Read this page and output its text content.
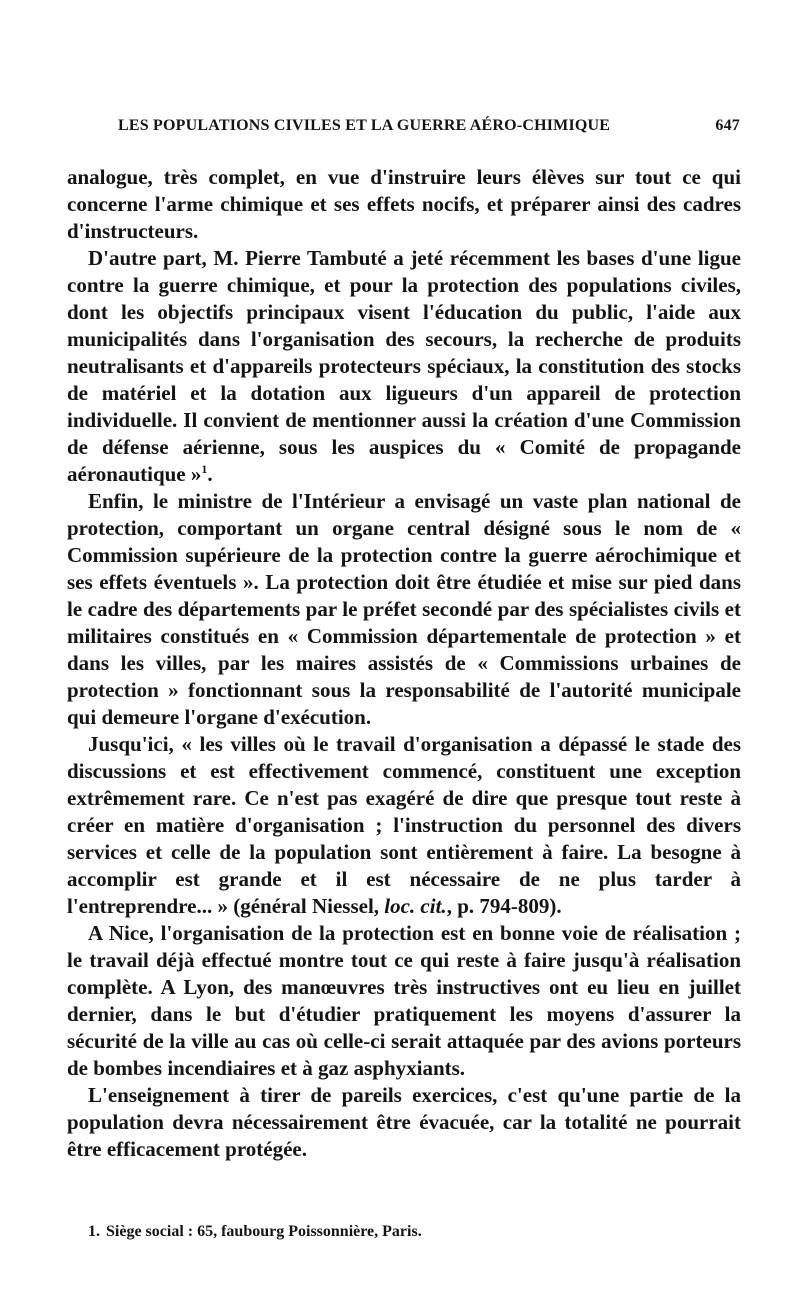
LES POPULATIONS CIVILES ET LA GUERRE AÉRO-CHIMIQUE	647

analogue, très complet, en vue d'instruire leurs élèves sur tout ce qui concerne l'arme chimique et ses effets nocifs, et préparer ainsi des cadres d'instructeurs.

D'autre part, M. Pierre Tambuté a jeté récemment les bases d'une ligue contre la guerre chimique, et pour la protection des populations civiles, dont les objectifs principaux visent l'éducation du public, l'aide aux municipalités dans l'organisation des secours, la recherche de produits neutralisants et d'appareils protecteurs spéciaux, la constitution des stocks de matériel et la dotation aux ligueurs d'un appareil de protection individuelle. Il convient de mentionner aussi la création d'une Commission de défense aérienne, sous les auspices du « Comité de propagande aéronautique »$^1$.

Enfin, le ministre de l'Intérieur a envisagé un vaste plan national de protection, comportant un organe central désigné sous le nom de « Commission supérieure de la protection contre la guerre aérochimique et ses effets éventuels ». La protection doit être étudiée et mise sur pied dans le cadre des départements par le préfet secondé par des spécialistes civils et militaires constitués en « Commission départementale de protection » et dans les villes, par les maires assistés de « Commissions urbaines de protection » fonctionnant sous la responsabilité de l'autorité municipale qui demeure l'organe d'exécution.

Jusqu'ici, « les villes où le travail d'organisation a dépassé le stade des discussions et est effectivement commencé, constituent une exception extrêmement rare. Ce n'est pas exagéré de dire que presque tout reste à créer en matière d'organisation ; l'instruction du personnel des divers services et celle de la population sont entièrement à faire. La besogne à accomplir est grande et il est nécessaire de ne plus tarder à l'entreprendre... » (général Niessel, loc. cit., p. 794-809).

A Nice, l'organisation de la protection est en bonne voie de réalisation ; le travail déjà effectué montre tout ce qui reste à faire jusqu'à réalisation complète. A Lyon, des manœuvres très instructives ont eu lieu en juillet dernier, dans le but d'étudier pratiquement les moyens d'assurer la sécurité de la ville au cas où celle-ci serait attaquée par des avions porteurs de bombes incendiaires et à gaz asphyxiants.

L'enseignement à tirer de pareils exercices, c'est qu'une partie de la population devra nécessairement être évacuée, car la totalité ne pourrait être efficacement protégée.

1. Siège social : 65, faubourg Poissonnière, Paris.
